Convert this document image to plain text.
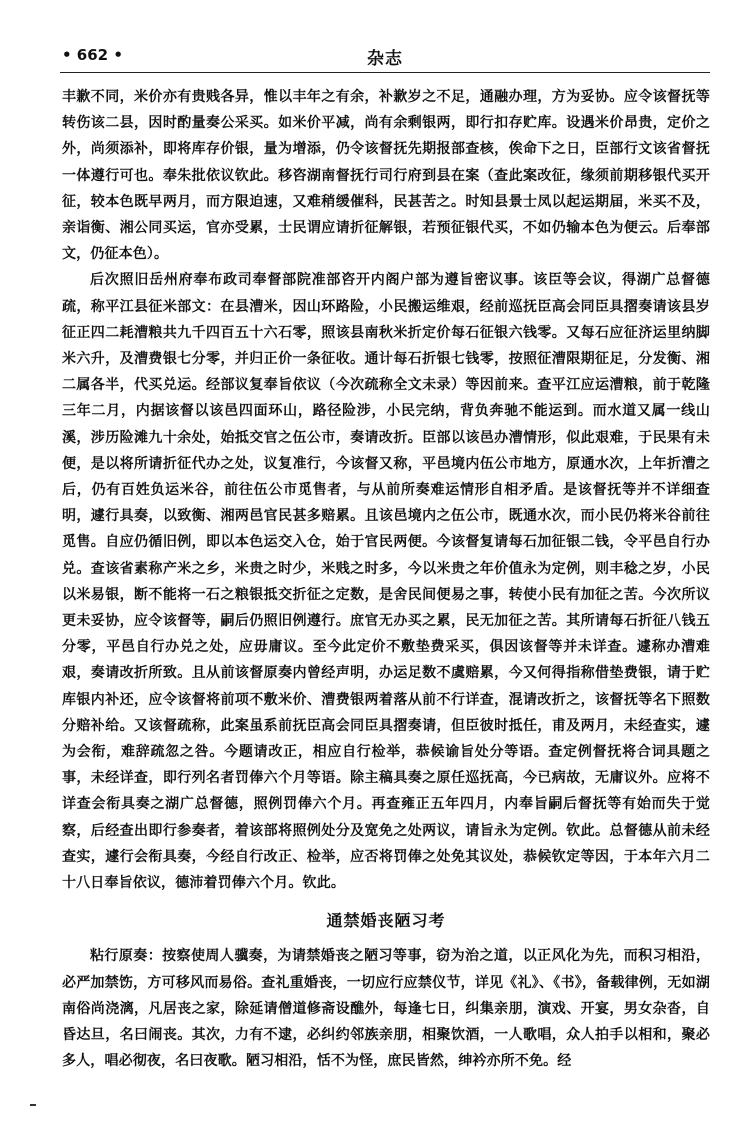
• 662 •	杂志

丰歉不同，米价亦有贵贱各异，惟以丰年之有余，补歉岁之不足，通融办理，方为妥协。应令该督抚等转伤该二县，因时酌量奏公采买。如米价平减，尚有余剩银两，即行扣存贮库。设遇米价昂贵，定价之外，尚须添补，即将库存价银，量为增添，仍令该督抚先期报部查核，俟命下之日，臣部行文该省督抚一体遵行可也。奉朱批依议钦此。移咨湖南督抚行司行府到县在案（查此案改征，缘须前期移银代买开征，较本色既早两月，而方限迫速，又难稍缓催科，民甚苦之。时知县景士凤以起运期届，米买不及，亲诣衡、湘公同买运，官亦受累，士民谓应请折征解银，若预征银代买，不如仍输本色为便云。后奉部文，仍征本色）。

后次照旧岳州府奉布政司奉督部院准部咨开内阁户部为遵旨密议事。该臣等会议，得湖广总督德疏，称平江县征米部文：在县漕米，因山环路险，小民搬运维艰，经前巡抚臣高会同臣具摺奏请该县岁征正四二耗漕粮共九千四百五十六石零，照该县南秋米折定价每石征银六钱零。又每石应征济运里纳脚米六升，及漕费银七分零，并归正价一条征收。通计每石折银七钱零，按照征漕限期征足，分发衡、湘二属各半，代买兑运。经部议复奉旨依议（今次疏称全文未录）等因前来。查平江应运漕粮，前于乾隆三年二月，内据该督以该邑四面环山，路径险涉，小民完纳，背负奔驰不能运到。而水道又属一线山溪，涉历险滩九十余处，始抵交官之伍公市，奏请改折。臣部以该邑办漕情形，似此艰难，于民果有未便，是以将所请折征代办之处，议复准行，今该督又称，平邑境内伍公市地方，原通水次，上年折漕之后，仍有百姓负运米谷，前往伍公市觅售者，与从前所奏难运情形自相矛盾。是该督抚等并不详细查明，遽行具奏，以致衡、湘两邑官民甚多赔累。且该邑境内之伍公市，既通水次，而小民仍将米谷前往觅售。自应仍循旧例，即以本色运交入仓，始于官民两便。今该督复请每石加征银二钱，令平邑自行办兑。查该省素称产米之乡，米贵之时少，米贱之时多，今以米贵之年价值永为定例，则丰稔之岁，小民以米易银，断不能将一石之粮银抵交折征之定数，是舍民间便易之事，转使小民有加征之苦。今次所议更未妥协，应令该督等，嗣后仍照旧例遵行。庶官无办买之累，民无加征之苦。其所请每石折征八钱五分零，平邑自行办兑之处，应毋庸议。至今此定价不敷垫费采买，俱因该督等并未详查。遽称办漕难艰，奏请改折所致。且从前该督原奏内曾经声明，办运足数不虞赔累，今又何得指称借垫费银，请于贮库银内补还，应令该督将前项不敷米价、漕费银两着落从前不行详查，混请改折之，该督抚等名下照数分赔补给。又该督疏称，此案虽系前抚臣高会同臣具摺奏请，但臣彼时抵任，甫及两月，未经查实，遽为会衔，难辞疏忽之咎。今题请改正，相应自行检举，恭候谕旨处分等语。查定例督抚将合词具题之事，未经详查，即行列名者罚俸六个月等语。除主稿具奏之原任巡抚高，今已病故，无庸议外。应将不详查会衔具奏之湖广总督德，照例罚俸六个月。再查雍正五年四月，内奉旨嗣后督抚等有始而失于觉察，后经查出即行参奏者，着该部将照例处分及宽免之处两议，请旨永为定例。钦此。总督德从前未经查实，遽行会衔具奏，今经自行改正、检举，应否将罚俸之处免其议处，恭候钦定等因，于本年六月二十八日奉旨依议，德沛着罚俸六个月。钦此。

通禁婚丧陋习考

粘行原奏：按察使周人骥奏，为请禁婚丧之陋习等事，窃为治之道，以正风化为先，而积习相沿，必严加禁饬，方可移风而易俗。查礼重婚丧，一切应行应禁仪节，详见《礼》、《书》，备载律例，无如湖南俗尚浇漓，凡居丧之家，除延请僧道修斋设醮外，每逢七日，纠集亲朋，演戏、开宴，男女杂沓，自昏达旦，名曰闹丧。其次，力有不逮，必纠约邻族亲朋，相聚饮酒，一人歌唱，众人拍手以相和，聚必多人，唱必彻夜，名曰夜歌。陋习相沿，恬不为怪，庶民皆然，绅衿亦所不免。经
